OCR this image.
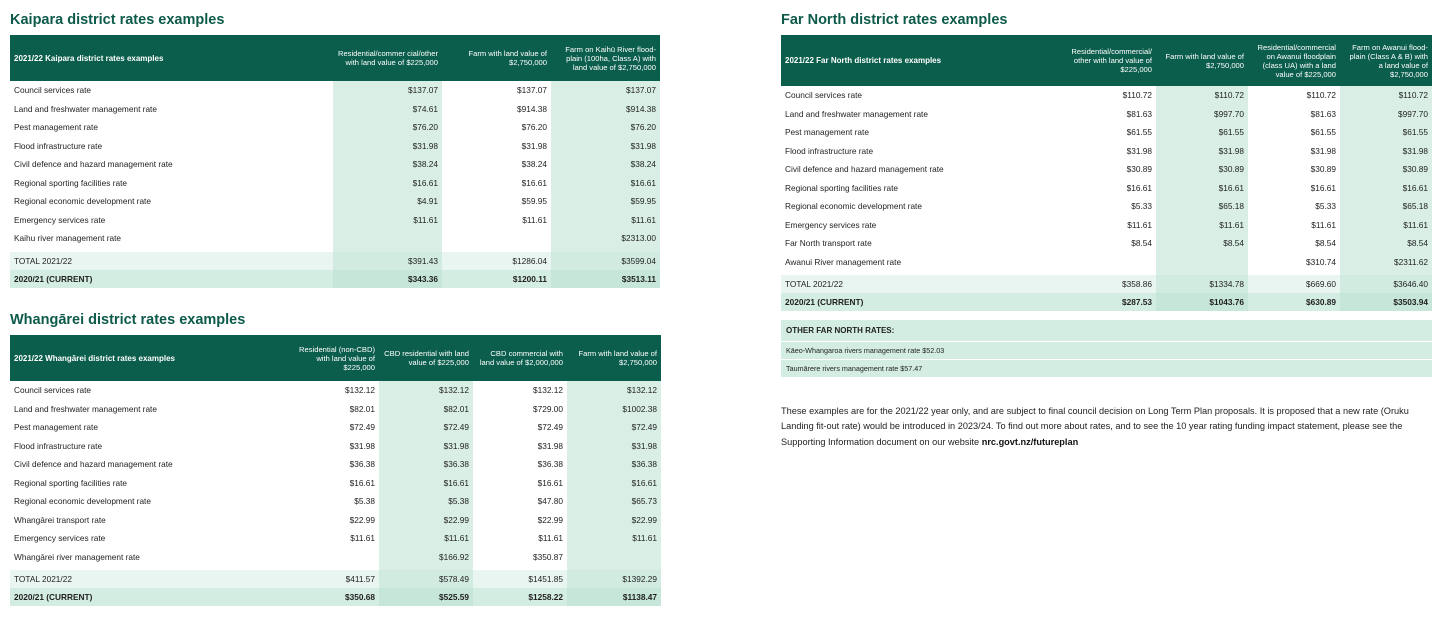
Kaipara district rates examples
2021/22 Kaipara district rates examples	Residential/commer cial/other with land value of $225,000	Farm with land value of $2,750,000	Farm on Kaihū River flood-plain (100ha, Class A) with land value of $2,750,000
Council services rate	$137.07	$137.07	$137.07
Land and freshwater management rate	$74.61	$914.38	$914.38
Pest management rate	$76.20	$76.20	$76.20
Flood infrastructure rate	$31.98	$31.98	$31.98
Civil defence and hazard management rate	$38.24	$38.24	$38.24
Regional sporting facilities rate	$16.61	$16.61	$16.61
Regional economic development rate	$4.91	$59.95	$59.95
Emergency services rate	$11.61	$11.61	$11.61
Kaihu river management rate			$2313.00

TOTAL 2021/22	$391.43	$1286.04	$3599.04
2020/21 (CURRENT)	$343.36	$1200.11	$3513.11
Whangārei district rates examples
2021/22 Whangārei district rates examples	Residential (non-CBD) with land value of $225,000	CBD residential with land value of $225,000	CBD commercial with land value of $2,000,000	Farm with land value of $2,750,000
Council services rate	$132.12	$132.12	$132.12	$132.12
Land and freshwater management rate	$82.01	$82.01	$729.00	$1002.38
Pest management rate	$72.49	$72.49	$72.49	$72.49
Flood infrastructure rate	$31.98	$31.98	$31.98	$31.98
Civil defence and hazard management rate	$36.38	$36.38	$36.38	$36.38
Regional sporting facilities rate	$16.61	$16.61	$16.61	$16.61
Regional economic development rate	$5.38	$5.38	$47.80	$65.73
Whangārei transport rate	$22.99	$22.99	$22.99	$22.99
Emergency services rate	$11.61	$11.61	$11.61	$11.61
Whangārei river management rate		$166.92	$350.87	

TOTAL 2021/22	$411.57	$578.49	$1451.85	$1392.29
2020/21 (CURRENT)	$350.68	$525.59	$1258.22	$1138.47
Far North district rates examples
2021/22 Far North district rates examples	Residential/commercial/ other with land value of $225,000	Farm with land value of $2,750,000	Residential/commercial on Awanui floodplain (class UA) with a land value of $225,000	Farm on Awanui flood-plain (Class A & B) with a land value of $2,750,000
Council services rate	$110.72	$110.72	$110.72	$110.72
Land and freshwater management rate	$81.63	$997.70	$81.63	$997.70
Pest management rate	$61.55	$61.55	$61.55	$61.55
Flood infrastructure rate	$31.98	$31.98	$31.98	$31.98
Civil defence and hazard management rate	$30.89	$30.89	$30.89	$30.89
Regional sporting facilities rate	$16.61	$16.61	$16.61	$16.61
Regional economic development rate	$5.33	$65.18	$5.33	$65.18
Emergency services rate	$11.61	$11.61	$11.61	$11.61
Far North transport rate	$8.54	$8.54	$8.54	$8.54
Awanui River management rate			$310.74	$2311.62

TOTAL 2021/22	$358.86	$1334.78	$669.60	$3646.40
2020/21 (CURRENT)	$287.53	$1043.76	$630.89	$3503.94
OTHER FAR NORTH RATES:
Kāeo-Whangaroa rivers management rate $52.03
Taumārere rivers management rate $57.47
These examples are for the 2021/22 year only, and are subject to final council decision on Long Term Plan proposals. It is proposed that a new rate (Oruku Landing fit-out rate) would be introduced in 2023/24. To find out more about rates, and to see the 10 year rating funding impact statement, please see the Supporting Information document on our website nrc.govt.nz/futureplan
